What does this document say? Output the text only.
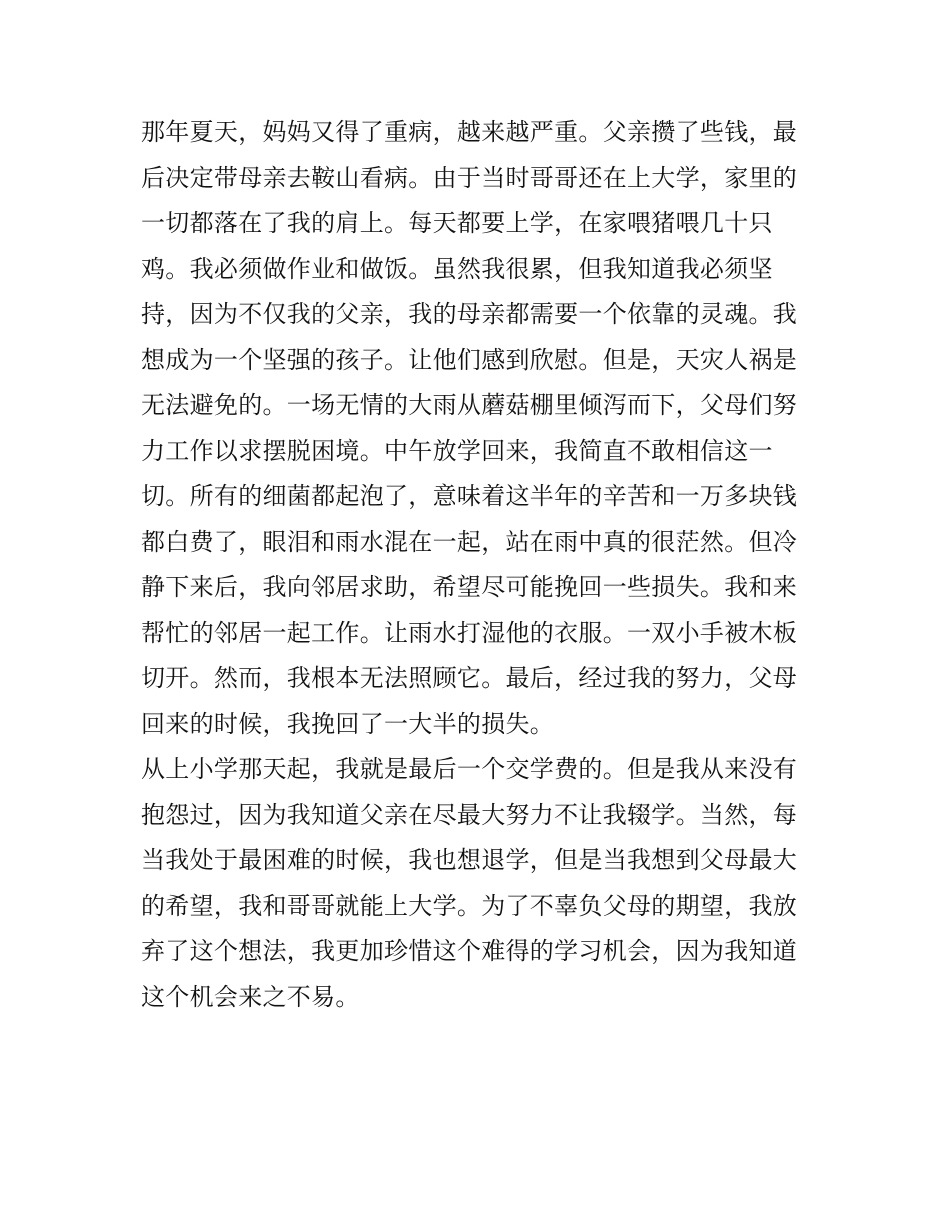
那年夏天，妈妈又得了重病，越来越严重。父亲攒了些钱，最
后决定带母亲去鞍山看病。由于当时哥哥还在上大学，家里的
一切都落在了我的肩上。每天都要上学，在家喂猪喂几十只
鸡。我必须做作业和做饭。虽然我很累，但我知道我必须坚
持，因为不仅我的父亲，我的母亲都需要一个依靠的灵魂。我
想成为一个坚强的孩子。让他们感到欣慰。但是，天灾人祸是
无法避免的。一场无情的大雨从蘑菇棚里倾泻而下，父母们努
力工作以求摆脱困境。中午放学回来，我简直不敢相信这一
切。所有的细菌都起泡了，意味着这半年的辛苦和一万多块钱
都白费了，眼泪和雨水混在一起，站在雨中真的很茫然。但冷
静下来后，我向邻居求助，希望尽可能挽回一些损失。我和来
帮忙的邻居一起工作。让雨水打湿他的衣服。一双小手被木板
切开。然而，我根本无法照顾它。最后，经过我的努力，父母
回来的时候，我挽回了一大半的损失。
从上小学那天起，我就是最后一个交学费的。但是我从来没有
抱怨过，因为我知道父亲在尽最大努力不让我辍学。当然，每
当我处于最困难的时候，我也想退学，但是当我想到父母最大
的希望，我和哥哥就能上大学。为了不辜负父母的期望，我放
弃了这个想法，我更加珍惜这个难得的学习机会，因为我知道
这个机会来之不易。
